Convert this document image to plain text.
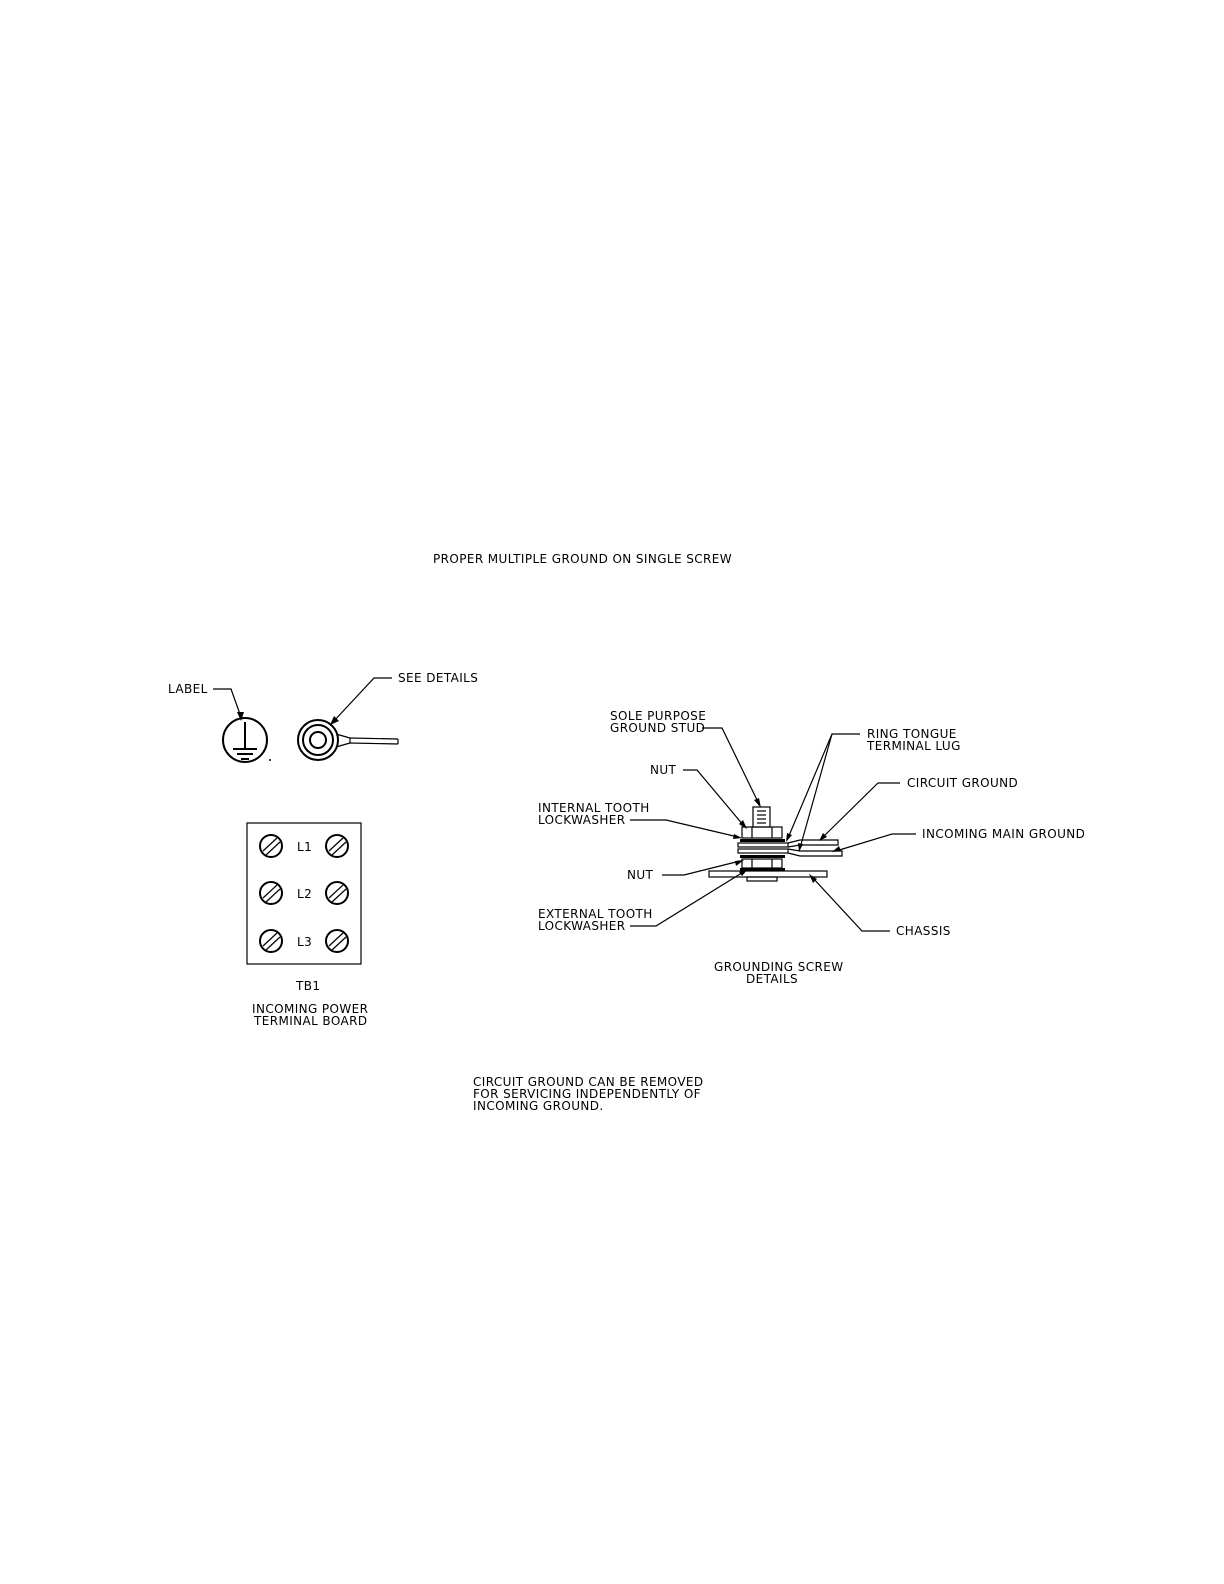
PROPER MULTIPLE GROUND ON SINGLE SCREW
LABEL
SEE DETAILS
L1
L2
L3
TB1
INCOMING POWER
TERMINAL BOARD
SOLE PURPOSE
GROUND STUD
NUT
INTERNAL TOOTH
LOCKWASHER
NUT
EXTERNAL TOOTH
LOCKWASHER
RING TONGUE
TERMINAL LUG
CIRCUIT GROUND
INCOMING MAIN GROUND
CHASSIS
GROUNDING SCREW
DETAILS
CIRCUIT GROUND CAN BE REMOVED
FOR SERVICING INDEPENDENTLY OF
INCOMING GROUND.
